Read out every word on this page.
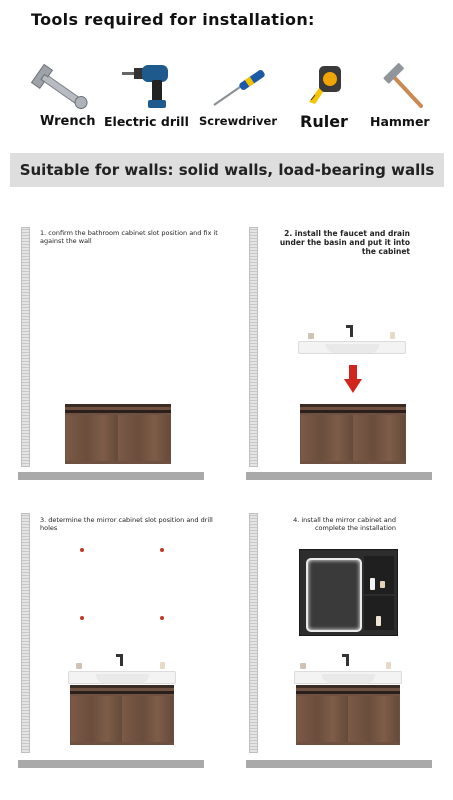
Tools required for installation:
Wrench Electric drill Screwdriver Ruler Hammer
Suitable for walls: solid walls, load-bearing walls
1. confirm the bathroom cabinet slot position and fix it against the wall
2. install the faucet and drain under the basin and put it into the cabinet
3. determine the mirror cabinet slot position and drill holes
4. install the mirror cabinet and complete the installation
